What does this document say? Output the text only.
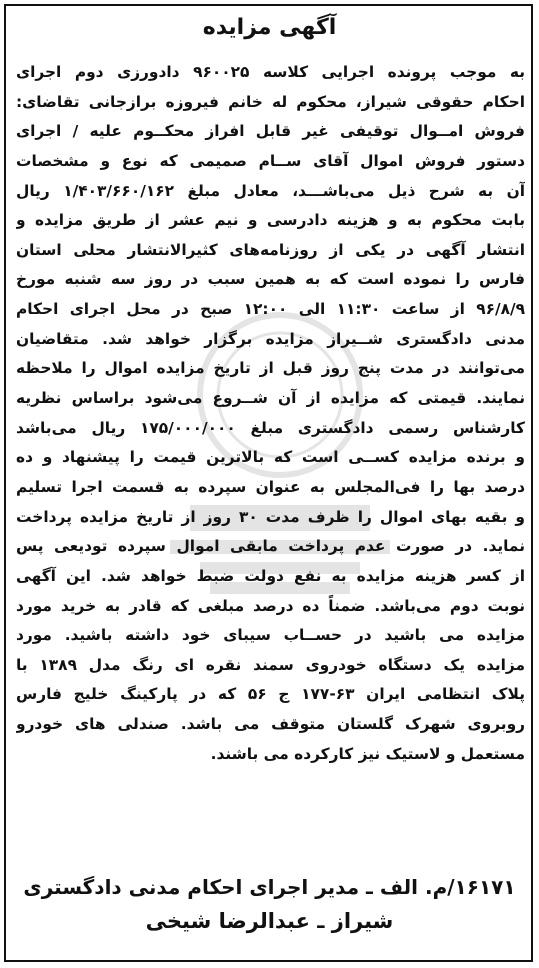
آگهی مزایده
به موجب پرونده اجرایی کلاسه ۹۶۰۰۲۵ دادورزی دوم اجرای
احکام حقوقی شیراز، محکوم له خانم فیروزه برازجانی تقاضای:
فروش امــوال توقیفی غیر قابل افراز محکــوم علیه / اجرای
دستور فروش اموال آقای ســام صمیمی که نوع و مشخصات
آن به شرح ذیل می‌باشـــد، معادل مبلغ ۱/۴۰۳/۶۶۰/۱۶۲ ریال
بابت محکوم به و هزینه دادرسی و نیم عشر از طریق مزایده و
انتشار آگهی در یکی از روزنامه‌های کثیرالانتشار محلی استان
فارس را نموده است که به همین سبب در روز سه شنبه مورخ
۹۶/۸/۹ از ساعت ۱۱:۳۰ الی ۱۲:۰۰ صبح در محل اجرای احکام
مدنی دادگستری شــیراز مزایده برگزار خواهد شد. متقاضیان
می‌توانند در مدت پنج روز قبل از تاریخ مزایده اموال را ملاحظه
نمایند. قیمتی که مزایده از آن شــروع می‌شود براساس نظریه
کارشناس رسمی دادگستری مبلغ ۱۷۵/۰۰۰/۰۰۰ ریال می‌باشد
و برنده مزایده کســی است که بالاترین قیمت را پیشنهاد و ده
درصد بها را فی‌المجلس به عنوان سپرده به قسمت اجرا تسلیم
و بقیه بهای اموال را ظرف مدت ۳۰ روز از تاریخ مزایده پرداخت
نماید. در صورت عدم پرداخت مابقی اموال سپرده تودیعی پس
از کسر هزینه مزایده به نفع دولت ضبط خواهد شد. این آگهی
نوبت دوم می‌باشد. ضمناً ده درصد مبلغی که قادر به خرید مورد
مزایده می باشید در حســاب سیبای خود داشته باشید. مورد
مزایده یک دستگاه خودروی سمند نقره ای رنگ مدل ۱۳۸۹ با
پلاک انتظامی ایران ۶۳-۱۷۷ ج ۵۶ که در پارکینگ خلیج فارس
روبروی شهرک گلستان متوقف می باشد. صندلی های خودرو
مستعمل و لاستیک نیز کارکرده می باشند.
۱۶۱۷۱/م. الف ـ مدیر اجرای احکام مدنی دادگستری
شیراز ـ عبدالرضا شیخی
